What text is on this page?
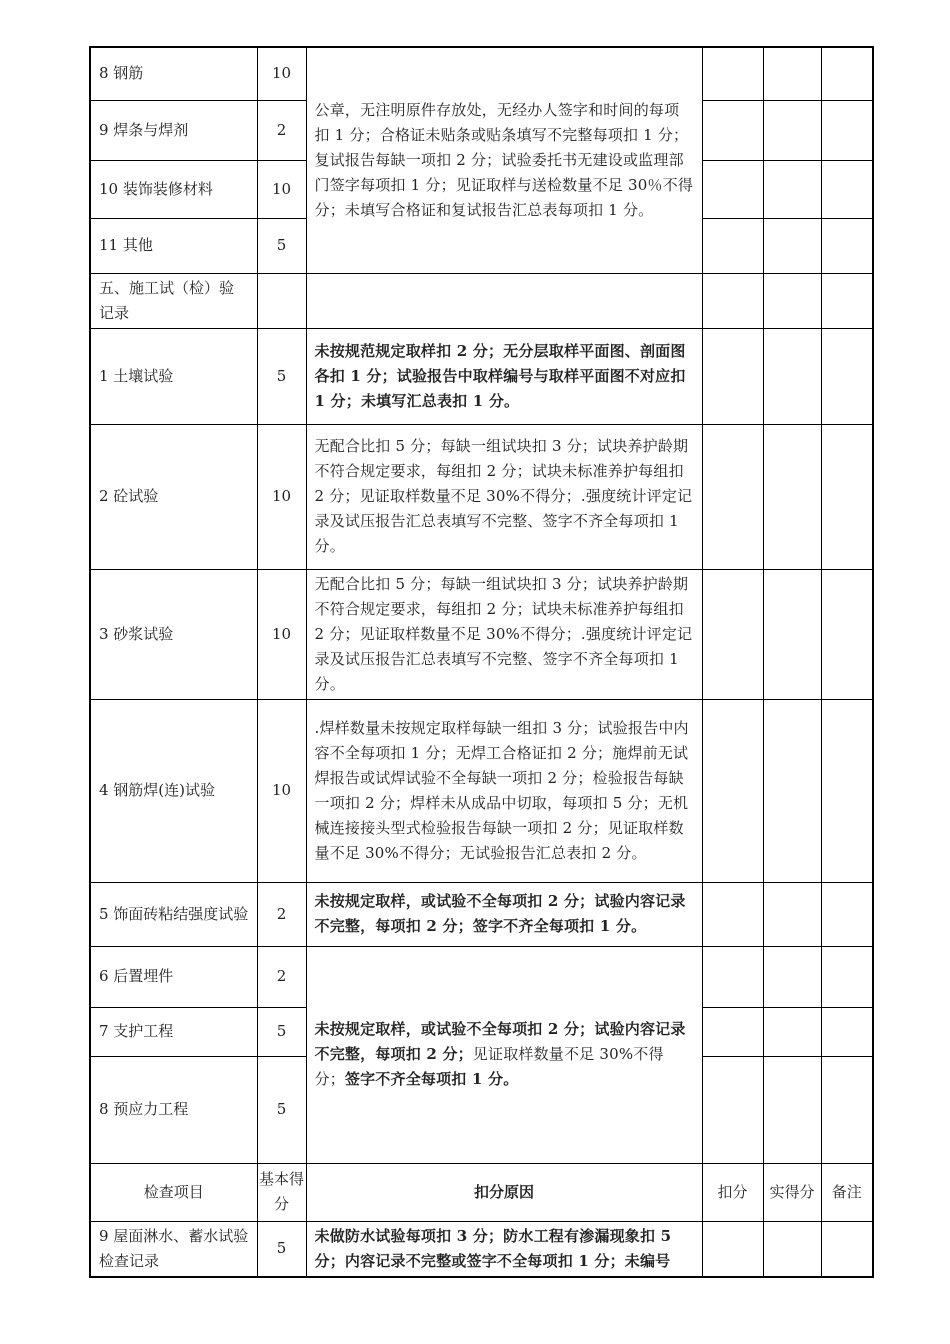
8 钢筋	10	公章，无注明原件存放处，无经办人签字和时间的每项扣 1 分；合格证未贴条或贴条填写不完整每项扣 1 分；复试报告每缺一项扣 2 分；试验委托书无建设或监理部门签字每项扣 1 分；见证取样与送检数量不足 30％不得分；未填写合格证和复试报告汇总表每项扣 1 分。			
9 焊条与焊剂	2				
10 装饰装修材料	10				
11 其他	5				
五、施工试（检）验记录					
1 土壤试验	5	未按规范规定取样扣 2 分；无分层取样平面图、剖面图各扣 1 分；试验报告中取样编号与取样平面图不对应扣 1 分；未填写汇总表扣 1 分。			
2 砼试验	10	无配合比扣 5 分；每缺一组试块扣 3 分；试块养护龄期不符合规定要求，每组扣 2 分；试块未标准养护每组扣 2 分；见证取样数量不足 30%不得分；.强度统计评定记录及试压报告汇总表填写不完整、签字不齐全每项扣 1 分。			
3 砂浆试验	10	无配合比扣 5 分；每缺一组试块扣 3 分；试块养护龄期不符合规定要求，每组扣 2 分；试块未标准养护每组扣 2 分；见证取样数量不足 30%不得分；.强度统计评定记录及试压报告汇总表填写不完整、签字不齐全每项扣 1 分。			
4 钢筋焊(连)试验	10	.焊样数量未按规定取样每缺一组扣 3 分；试验报告中内容不全每项扣 1 分；无焊工合格证扣 2 分；施焊前无试焊报告或试焊试验不全每缺一项扣 2 分；检验报告每缺一项扣 2 分；焊样未从成品中切取，每项扣 5 分；无机械连接接头型式检验报告每缺一项扣 2 分；见证取样数量不足 30%不得分；无试验报告汇总表扣 2 分。			
5 饰面砖粘结强度试验	2	未按规定取样，或试验不全每项扣 2 分；试验内容记录不完整，每项扣 2 分；签字不齐全每项扣 1 分。			
6 后置埋件	2	未按规定取样，或试验不全每项扣 2 分；试验内容记录不完整，每项扣 2 分；见证取样数量不足 30%不得分；签字不齐全每项扣 1 分。			
7 支护工程	5				
8 预应力工程	5				
检查项目	基本得分	扣分原因	扣分	实得分	备注
9 屋面淋水、蓄水试验检查记录	5	未做防水试验每项扣 3 分；防水工程有渗漏现象扣 5 分；内容记录不完整或签字不全每项扣 1 分；未编号			
